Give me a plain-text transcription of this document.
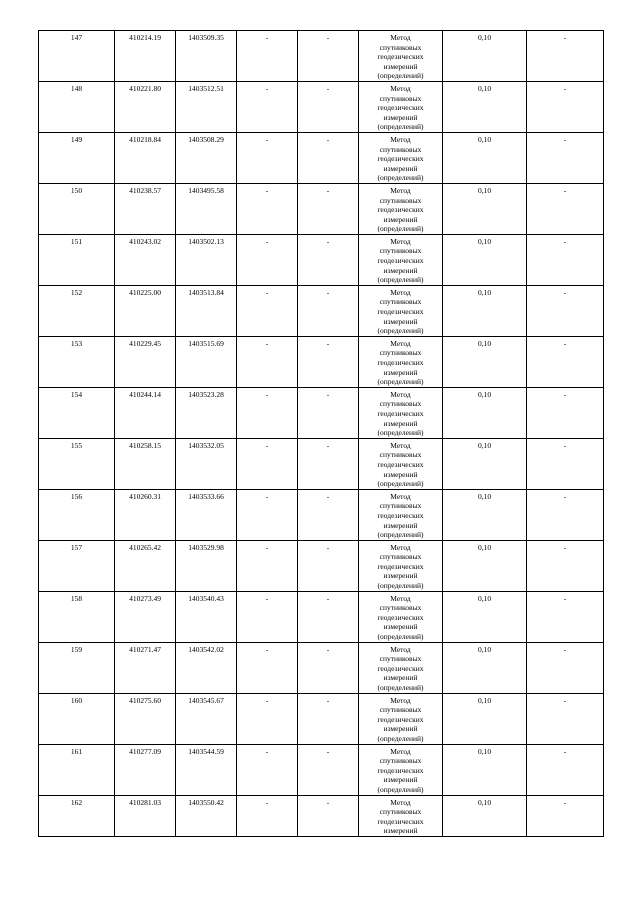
147	410214.19	1403509.35	-	-	Метод
спутниковых
геодезических
измерений
(определений)	0,10	-
148	410221.80	1403512.51	-	-	Метод
спутниковых
геодезических
измерений
(определений)	0,10	-
149	410218.84	1403508.29	-	-	Метод
спутниковых
геодезических
измерений
(определений)	0,10	-
150	410238.57	1403495.58	-	-	Метод
спутниковых
геодезических
измерений
(определений)	0,10	-
151	410243.02	1403502.13	-	-	Метод
спутниковых
геодезических
измерений
(определений)	0,10	-
152	410225.00	1403513.84	-	-	Метод
спутниковых
геодезических
измерений
(определений)	0,10	-
153	410229.45	1403515.69	-	-	Метод
спутниковых
геодезических
измерений
(определений)	0,10	-
154	410244.14	1403523.28	-	-	Метод
спутниковых
геодезических
измерений
(определений)	0,10	-
155	410258.15	1403532.05	-	-	Метод
спутниковых
геодезических
измерений
(определений)	0,10	-
156	410260.31	1403533.66	-	-	Метод
спутниковых
геодезических
измерений
(определений)	0,10	-
157	410265.42	1403529.98	-	-	Метод
спутниковых
геодезических
измерений
(определений)	0,10	-
158	410273.49	1403540.43	-	-	Метод
спутниковых
геодезических
измерений
(определений)	0,10	-
159	410271.47	1403542.02	-	-	Метод
спутниковых
геодезических
измерений
(определений)	0,10	-
160	410275.60	1403545.67	-	-	Метод
спутниковых
геодезических
измерений
(определений)	0,10	-
161	410277.09	1403544.59	-	-	Метод
спутниковых
геодезических
измерений
(определений)	0,10	-
162	410281.03	1403550.42	-	-	Метод
спутниковых
геодезических
измерений	0,10	-
